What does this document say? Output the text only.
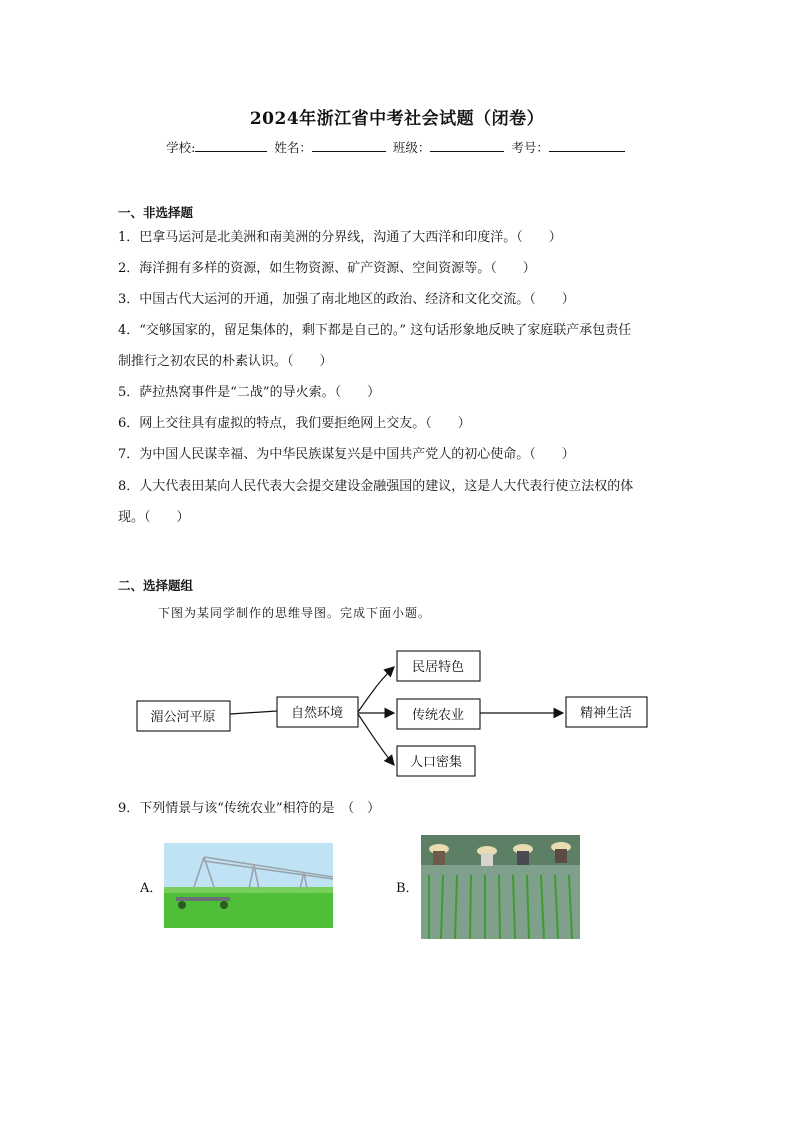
2024年浙江省中考社会试题（闭卷）
学校:	姓名：	班级：	考号：
一、非选择题
1．巴拿马运河是北美洲和南美洲的分界线，沟通了大西洋和印度洋。（　　）
2．海洋拥有多样的资源，如生物资源、矿产资源、空间资源等。（　　）
3．中国古代大运河的开通，加强了南北地区的政治、经济和文化交流。（　　）
4．“交够国家的，留足集体的，剩下都是自己的。” 这句话形象地反映了家庭联产承包责任
制推行之初农民的朴素认识。（　　）
5．萨拉热窝事件是“二战”的导火索。（　　）
6．网上交往具有虚拟的特点，我们要拒绝网上交友。（　　）
7．为中国人民谋幸福、为中华民族谋复兴是中国共产党人的初心使命。（　　）
8．人大代表田某向人民代表大会提交建设金融强国的建议，这是人大代表行使立法权的体
现。（　　）
二、选择题组
下图为某同学制作的思维导图。完成下面小题。
湄公河平原	自然环境
民居特色
传统农业
人口密集
精神生活
9．下列情景与该“传统农业”相符的是　（　）
A．	B．
